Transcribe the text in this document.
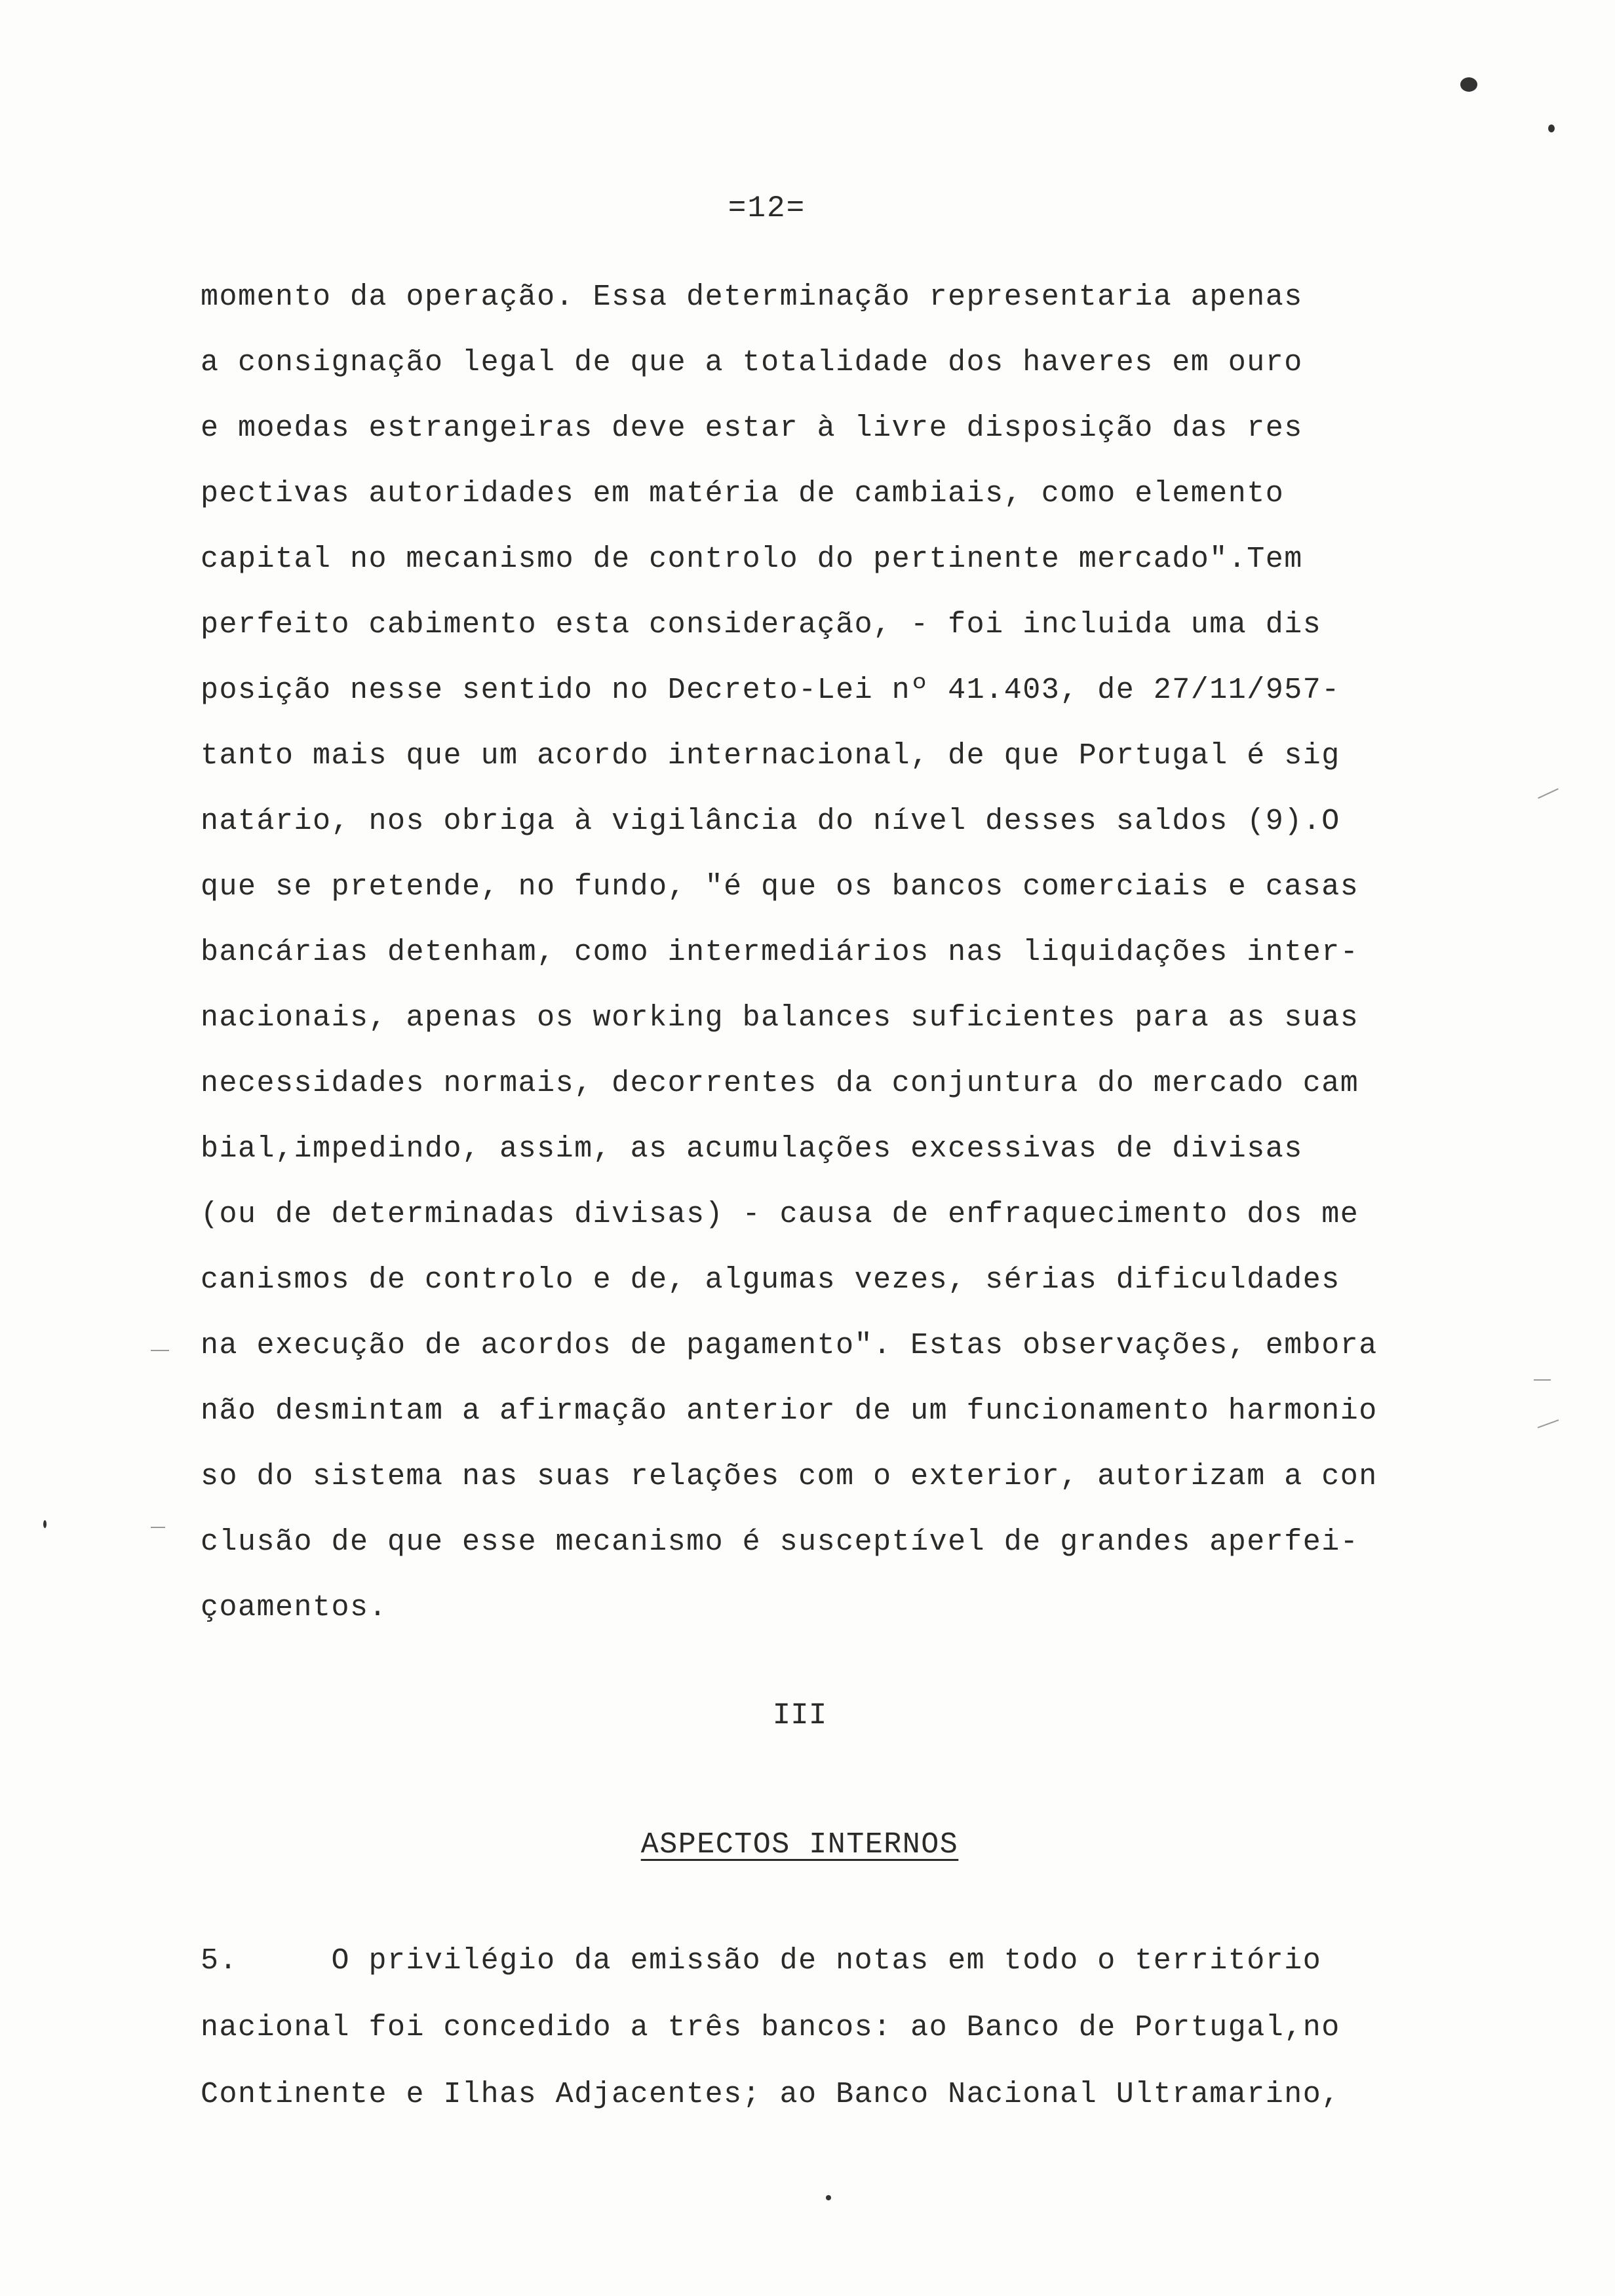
=12=
momento da operação. Essa determinação representaria apenas
a consignação legal de que a totalidade dos haveres em ouro
e moedas estrangeiras deve estar à livre disposição das res
pectivas autoridades em matéria de cambiais, como elemento
capital no mecanismo de controlo do pertinente mercado".Tem
perfeito cabimento esta consideração, - foi incluida uma dis
posição nesse sentido no Decreto-Lei nº 41.403, de 27/11/957-
tanto mais que um acordo internacional, de que Portugal é sig
natário, nos obriga à vigilância do nível desses saldos (9).O
que se pretende, no fundo, "é que os bancos comerciais e casas
bancárias detenham, como intermediários nas liquidações inter-
nacionais, apenas os working balances suficientes para as suas
necessidades normais, decorrentes da conjuntura do mercado cam
bial,impedindo, assim, as acumulações excessivas de divisas
(ou de determinadas divisas) - causa de enfraquecimento dos me
canismos de controlo e de, algumas vezes, sérias dificuldades
na execução de acordos de pagamento". Estas observações, embora
não desmintam a afirmação anterior de um funcionamento harmonio
so do sistema nas suas relações com o exterior, autorizam a con
clusão de que esse mecanismo é susceptível de grandes aperfei-
çoamentos.
III
ASPECTOS INTERNOS
5.     O privilégio da emissão de notas em todo o território
nacional foi concedido a três bancos: ao Banco de Portugal,no
Continente e Ilhas Adjacentes; ao Banco Nacional Ultramarino,
